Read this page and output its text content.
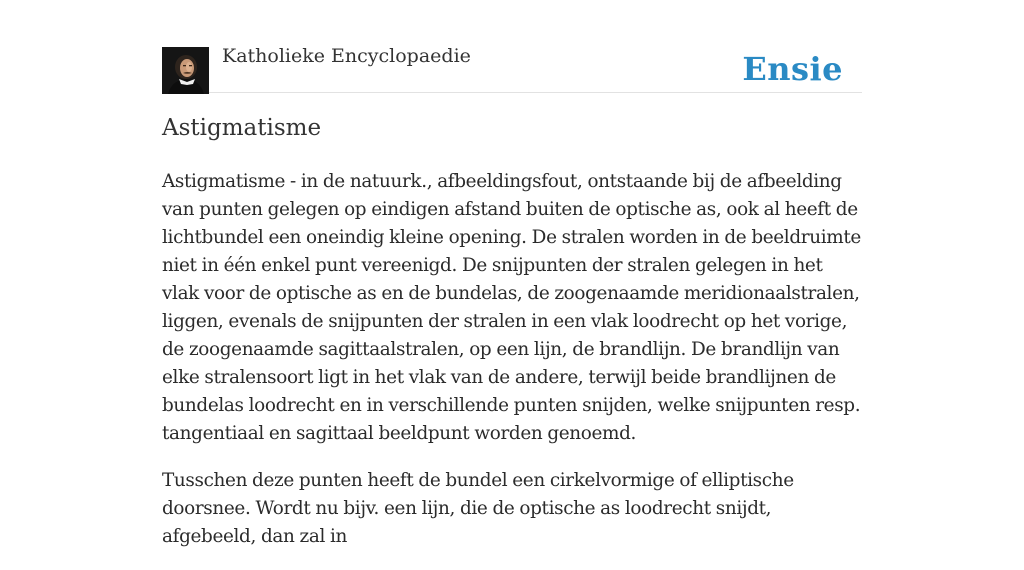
Katholieke Encyclopaedie	Ensie
Astigmatisme

Astigmatisme - in de natuurk., afbeeldingsfout, ontstaande bij de afbeelding van punten gelegen op eindigen afstand buiten de optische as, ook al heeft de lichtbundel een oneindig kleine opening. De stralen worden in de beeldruimte niet in één enkel punt vereenigd. De snijpunten der stralen gelegen in het vlak voor de optische as en de bundelas, de zoogenaamde meridionaalstralen, liggen, evenals de snijpunten der stralen in een vlak loodrecht op het vorige, de zoogenaamde sagittaalstralen, op een lijn, de brandlijn. De brandlijn van elke stralensoort ligt in het vlak van de andere, terwijl beide brandlijnen de bundelas loodrecht en in verschillende punten snijden, welke snijpunten resp. tangentiaal en sagittaal beeldpunt worden genoemd.

Tusschen deze punten heeft de bundel een cirkelvormige of elliptische doorsnee. Wordt nu bijv. een lijn, die de optische as loodrecht snijdt, afgebeeld, dan zal in
